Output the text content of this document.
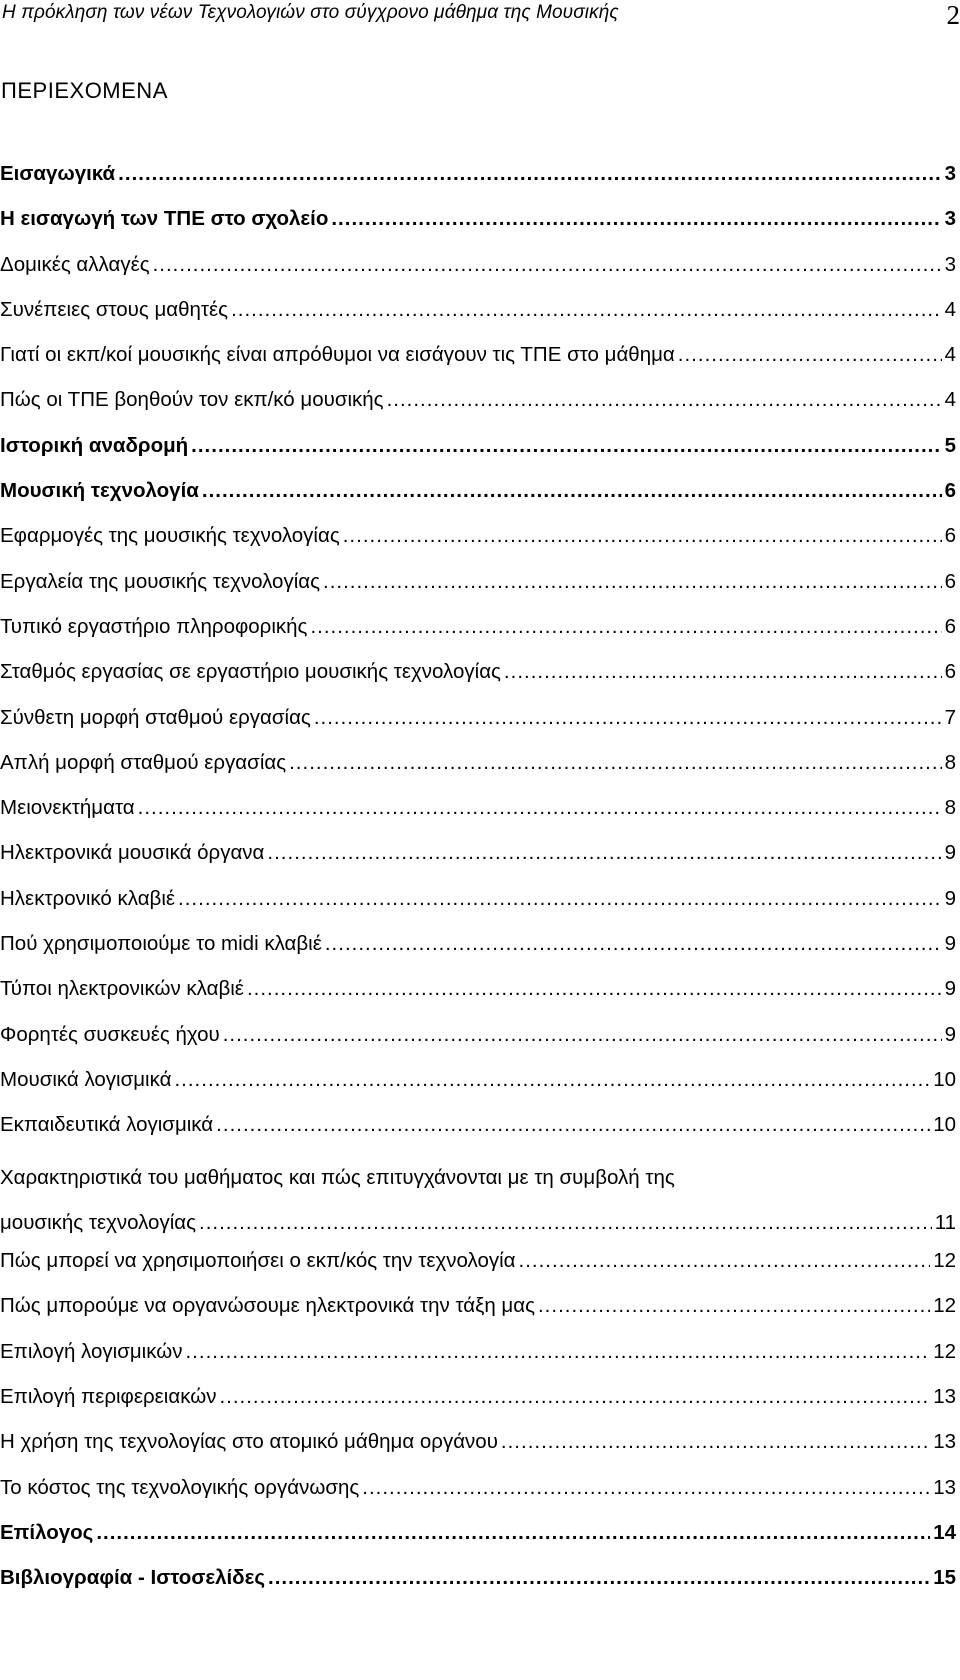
Η πρόκληση των νέων Τεχνολογιών στο σύγχρονο μάθημα της Μουσικής	2
ΠΕΡΙΕΧΟΜΕΝΑ
Εισαγωγικά .....	3
Η εισαγωγή των ΤΠΕ στο σχολείο .....	3
Δομικές αλλαγές .....	3
Συνέπειες στους μαθητές .....	4
Γιατί οι εκπ/κοί μουσικής είναι απρόθυμοι να εισάγουν τις ΤΠΕ στο μάθημα .....	4
Πώς οι ΤΠΕ βοηθούν τον εκπ/κό μουσικής .....	4
Ιστορική αναδρομή .....	5
Μουσική τεχνολογία .....	6
Εφαρμογές της μουσικής τεχνολογίας .....	6
Εργαλεία της μουσικής τεχνολογίας .....	6
Τυπικό εργαστήριο πληροφορικής .....	6
Σταθμός εργασίας σε εργαστήριο μουσικής τεχνολογίας .....	6
Σύνθετη μορφή σταθμού εργασίας .....	7
Απλή μορφή σταθμού εργασίας .....	8
Μειονεκτήματα .....	8
Ηλεκτρονικά μουσικά όργανα .....	9
Ηλεκτρονικό κλαβιέ .....	9
Πού χρησιμοποιούμε το midi κλαβιέ .....	9
Τύποι ηλεκτρονικών κλαβιέ .....	9
Φορητές συσκευές ήχου .....	9
Μουσικά λογισμικά .....	10
Εκπαιδευτικά λογισμικά .....	10
Χαρακτηριστικά του μαθήματος και πώς επιτυγχάνονται με τη συμβολή της
μουσικής τεχνολογίας .....	11
Πώς μπορεί να χρησιμοποιήσει ο εκπ/κός την τεχνολογία .....	12
Πώς μπορούμε να οργανώσουμε ηλεκτρονικά την τάξη μας .....	12
Επιλογή λογισμικών .....	12
Επιλογή περιφερειακών .....	13
Η χρήση της τεχνολογίας στο ατομικό μάθημα οργάνου .....	13
Το κόστος της τεχνολογικής οργάνωσης .....	13
Επίλογος .....	14
Βιβλιογραφία - Ιστοσελίδες .....	15
